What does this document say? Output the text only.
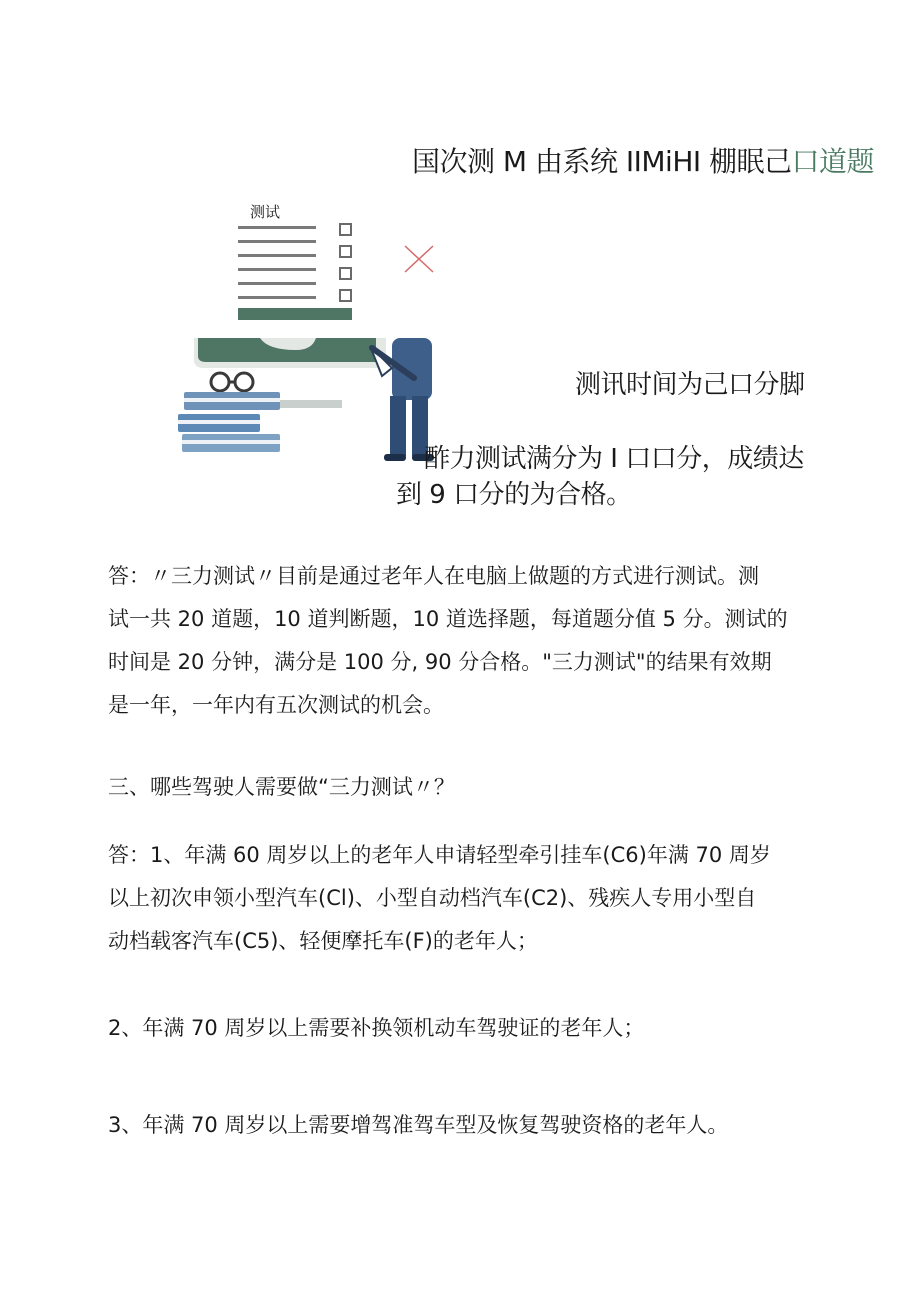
国次测 M 由系统 IIMiHI 棚眠己口道题
测试
测讯时间为己口分脚
酢力测试满分为 I 口口分，成绩达
到 9 口分的为合格。
答：〃三力测试〃目前是通过老年人在电脑上做题的方式进行测试。测
试一共 20 道题，10 道判断题，10 道选择题，每道题分值 5 分。测试的
时间是 20 分钟，满分是 100 分, 90 分合格。"三力测试"的结果有效期
是一年，一年内有五次测试的机会。
三、哪些驾驶人需要做“三力测试〃？
答：1、年满 60 周岁以上的老年人申请轻型牵引挂车(C6)年满 70 周岁
以上初次申领小型汽车(Cl)、小型自动档汽车(C2)、残疾人专用小型自
动档载客汽车(C5)、轻便摩托车(F)的老年人；
2、年满 70 周岁以上需要补换领机动车驾驶证的老年人；
3、年满 70 周岁以上需要增驾准驾车型及恢复驾驶资格的老年人。
